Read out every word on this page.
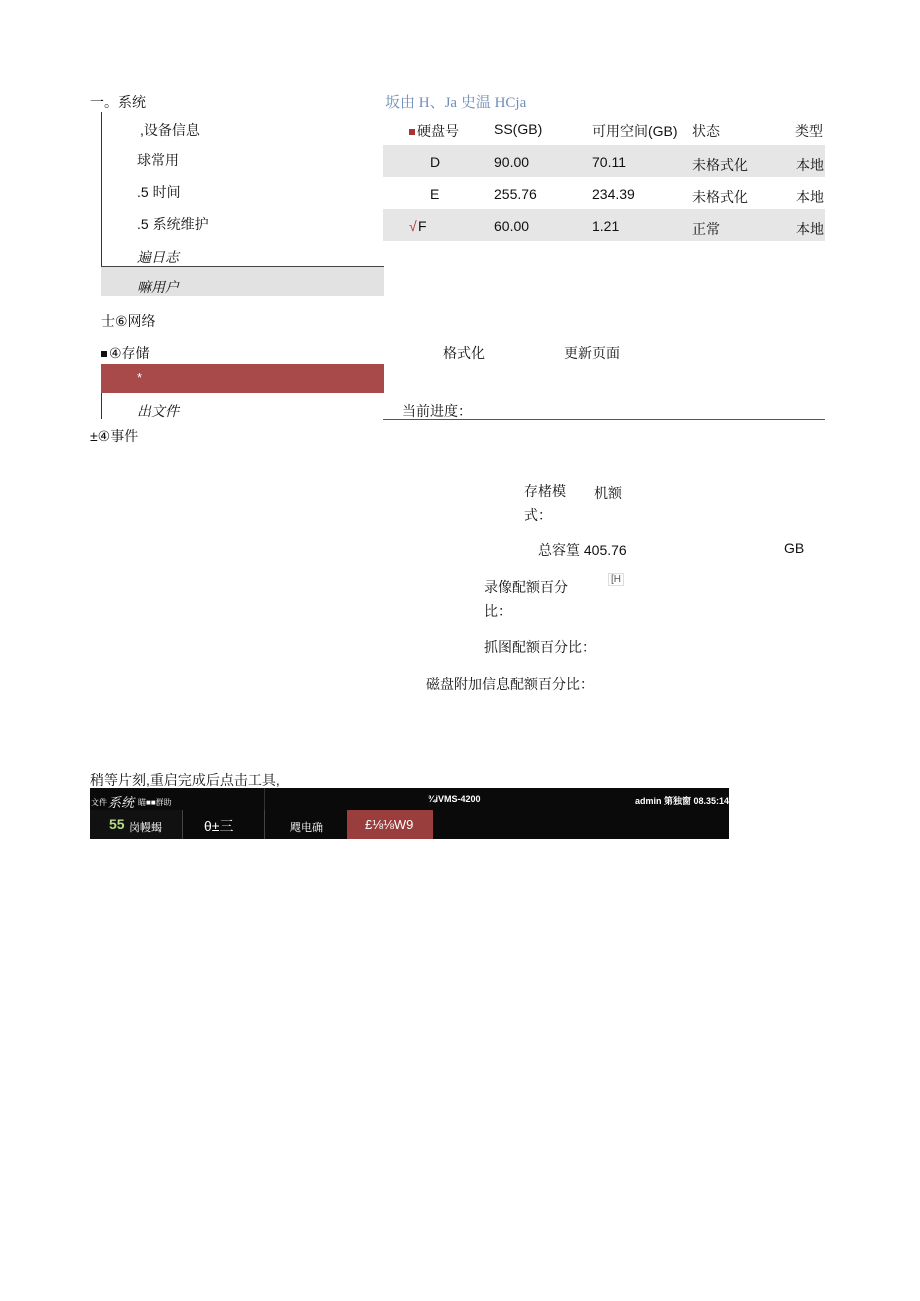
一。系统
,设备信息
球常用
.5 时间
.5 系统维护
遍日志
嘛用户
士⑥网络
④存储
*
出文件
±④事件
坂由 H、Ja 史温 HCja
硬盘号	SS(GB)	可用空间(GB) 状态	类型
D	90.00	70.11	未格式化	本地
E	255.76	234.39	未格式化	本地
√ F	60.00	1.21	正常	本地
格式化	更新页面
当前进度：
存楮模
式：
机额
总容篁 405.76	GB
录像配额百分
比：
[H
抓图配额百分比：
磁盘附加信息配额百分比：
稍等片刻,重启完成后点击工具,
文件 系统 瞄■■群助	¾iVMS-4200	admin 第独窗 08.35:14
55 岗幔蝎	θ±三	飕电确	£⅛⅛W9
